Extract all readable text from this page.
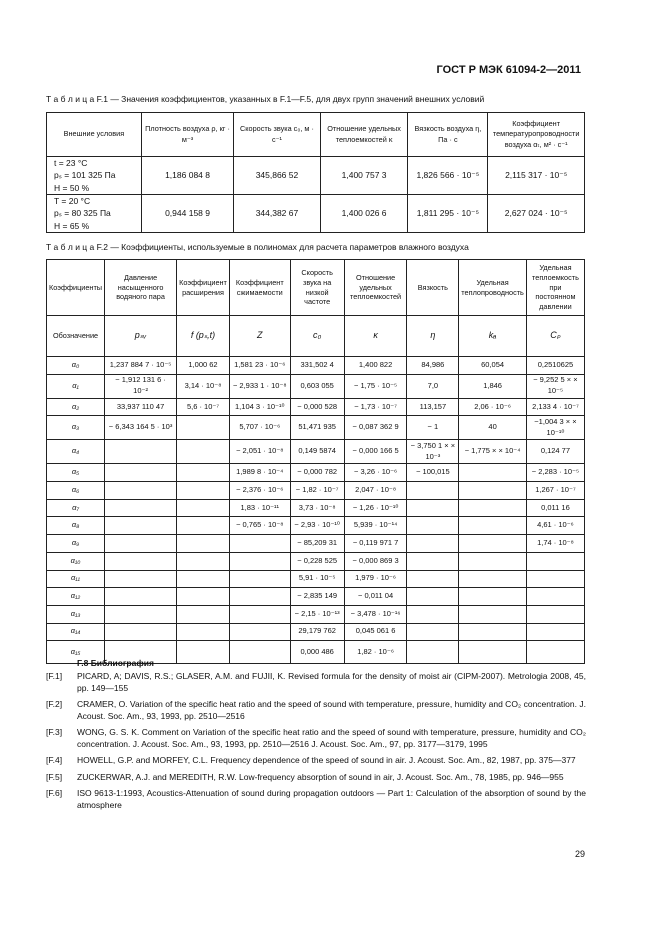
ГОСТ Р МЭК 61094-2—2011
Т а б л и ц а F.1 — Значения коэффициентов, указанных в F.1—F.5, для двух групп значений внешних условий
Внешние условия	Плотность воздуха ρ, кг · м⁻³	Скорость звука c₀, м · с⁻¹	Отношение удельных теплоемкостей κ	Вязкость воздуха η, Па · с	Коэффициент температуропроводности воздуха αₜ, м² · с⁻¹

t = 23 °C
pₛ = 101 325 Па
H = 50 %	1,186 084 8	345,866 52	1,400 757 3	1,826 566 · 10⁻⁵	2,115 317 · 10⁻⁵

T = 20 °C
pₛ = 80 325 Па
H = 65 %	0,944 158 9	344,382 67	1,400 026 6	1,811 295 · 10⁻⁵	2,627 024 · 10⁻⁵
Т а б л и ц а F.2 — Коэффициенты, используемые в полиномах для расчета параметров влажного воздуха
Коэффициенты	Давление насыщенного водяного пара	Коэффициент расширения	Коэффициент сжимаемости	Скорость звука на низкой частоте	Отношение удельных теплоемкостей	Вязкость	Удельная теплопроводность	Удельная теплоемкость при постоянном давлении
Обозначение	pₛᵥ	f (pₛ,t)	Z	c₀	κ	η	kₐ	Cₚ
α₀	1,237 884 7 · 10⁻⁵	1,000 62	1,581 23 · 10⁻⁶	331,502 4	1,400 822	84,986	60,054	0,2510625
α₁	− 1,912 131 6 · 10⁻²	3,14 · 10⁻⁸	− 2,933 1 · 10⁻⁸	0,603 055	− 1,75 · 10⁻⁵	7,0	1,846	− 9,252 5 × × 10⁻⁵
α₂	33,937 110 47	5,6 · 10⁻⁷	1,104 3 · 10⁻¹⁰	− 0,000 528	− 1,73 · 10⁻⁷	113,157	2,06 · 10⁻⁶	2,133 4 · 10⁻⁷
α₃	− 6,343 164 5 · 10³		5,707 · 10⁻⁶	51,471 935	− 0,087 362 9	− 1	40	−1,004 3 × × 10⁻¹⁰
α₄			− 2,051 · 10⁻⁸	0,149 5874	− 0,000 166 5	− 3,750 1 × × 10⁻³	− 1,775 × × 10⁻⁴	0,124 77
α₅			1,989 8 · 10⁻⁴	− 0,000 782	− 3,26 · 10⁻⁶	− 100,015		− 2,283 · 10⁻⁵
α₆			− 2,376 · 10⁻⁶	− 1,82 · 10⁻⁷	2,047 · 10⁻⁸			1,267 · 10⁻⁷
α₇			1,83 · 10⁻¹¹	3,73 · 10⁻⁸	− 1,26 · 10⁻¹⁰			0,011 16
α₈			− 0,765 · 10⁻⁸	− 2,93 · 10⁻¹⁰	5,939 · 10⁻¹⁴			4,61 · 10⁻⁶
α₉				− 85,209 31	− 0,119 971 7			1,74 · 10⁻⁸
α₁₀				− 0,228 525	− 0,000 869 3			
α₁₁				5,91 · 10⁻⁵	1,979 · 10⁻⁶			
α₁₂				− 2,835 149	− 0,011 04			
α₁₃				− 2,15 · 10⁻¹³	− 3,478 · 10⁻¹⁶			
α₁₄				29,179 762	0,045 061 6			
α₁₅				0,000 486	1,82 · 10⁻⁶			
F.8 Библиография
[F.1] PICARD, A; DAVIS, R.S.; GLASER, A.M. and FUJII, K. Revised formula for the density of moist air (CIPM-2007). Metrologia 2008, 45, pp. 149—155
[F.2] CRAMER, O. Variation of the specific heat ratio and the speed of sound with temperature, pressure, humidity and CO₂ concentration. J. Acoust. Soc. Am., 93, 1993, pp. 2510—2516
[F.3] WONG, G. S. K. Comment on Variation of the specific heat ratio and the speed of sound with temperature, pressure, humidity and CO₂ concentration. J. Acoust. Soc. Am., 93, 1993, pp. 2510—2516 J. Acoust. Soc. Am., 97, pp. 3177—3179, 1995
[F.4] HOWELL, G.P. and MORFEY, C.L. Frequency dependence of the speed of sound in air. J. Acoust. Soc. Am., 82, 1987, pp. 375—377
[F.5] ZUCKERWAR, A.J. and MEREDITH, R.W. Low-frequency absorption of sound in air, J. Acoust. Soc. Am., 78, 1985, pp. 946—955
[F.6] ISO 9613-1:1993, Acoustics-Attenuation of sound during propagation outdoors — Part 1: Calculation of the absorption of sound by the atmosphere
29
